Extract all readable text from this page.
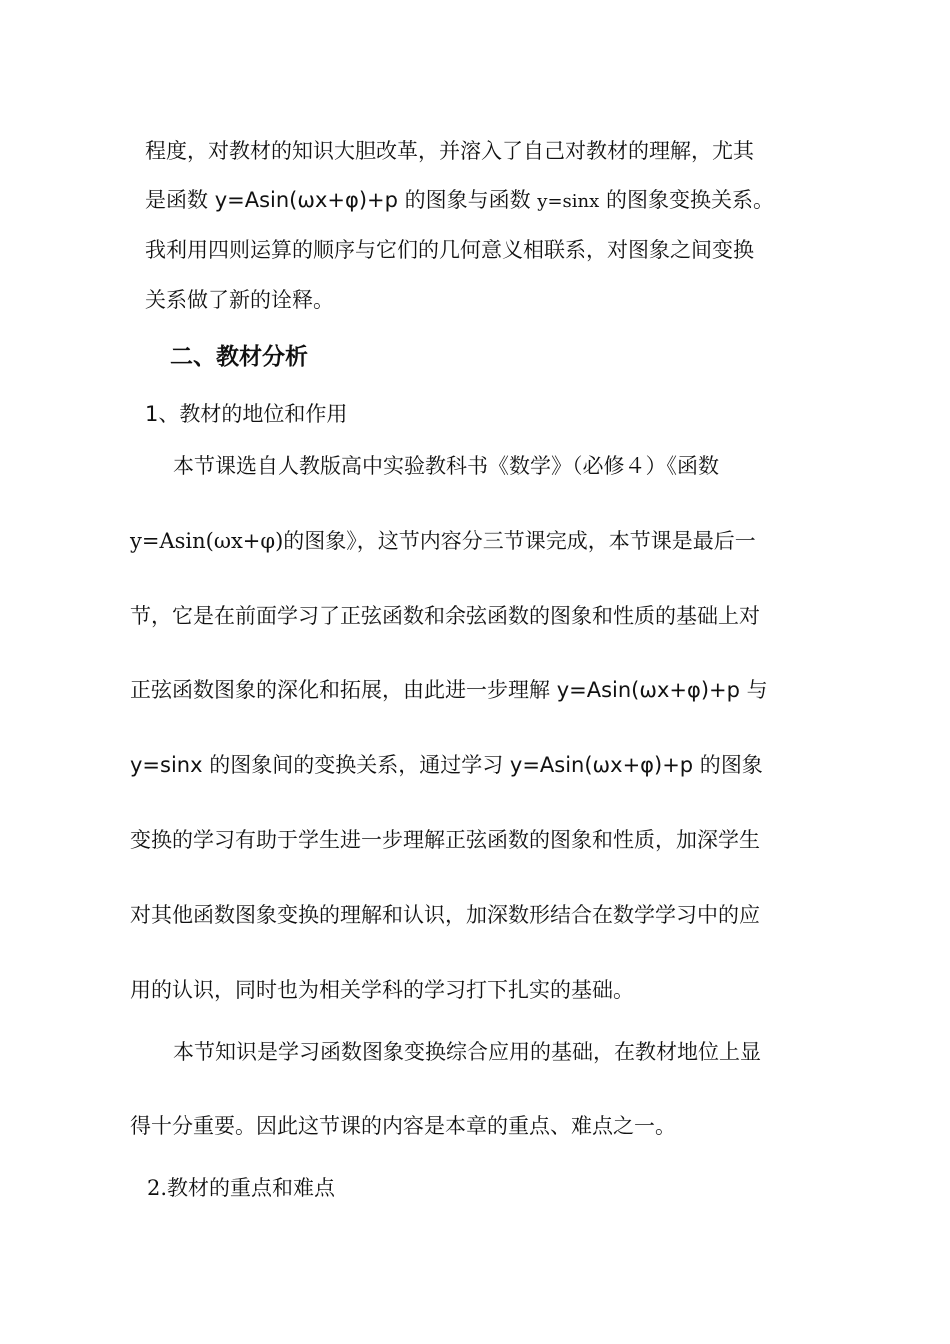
程度，对教材的知识大胆改革，并溶入了自己对教材的理解，尤其
是函数 y=Asin(ωx+φ)+p 的图象与函数 y=sinx 的图象变换关系。
我利用四则运算的顺序与它们的几何意义相联系，对图象之间变换
关系做了新的诠释。
二、教材分析
1、教材的地位和作用
本节课选自人教版高中实验教科书《数学》（必修４）《函数
y=Asin(ωx+φ)的图象》，这节内容分三节课完成，本节课是最后一
节，它是在前面学习了正弦函数和余弦函数的图象和性质的基础上对
正弦函数图象的深化和拓展，由此进一步理解 y=Asin(ωx+φ)+p 与
y=sinx 的图象间的变换关系，通过学习 y=Asin(ωx+φ)+p 的图象
变换的学习有助于学生进一步理解正弦函数的图象和性质，加深学生
对其他函数图象变换的理解和认识，加深数形结合在数学学习中的应
用的认识，同时也为相关学科的学习打下扎实的基础。
本节知识是学习函数图象变换综合应用的基础，在教材地位上显
得十分重要。因此这节课的内容是本章的重点、难点之一。
2.教材的重点和难点
